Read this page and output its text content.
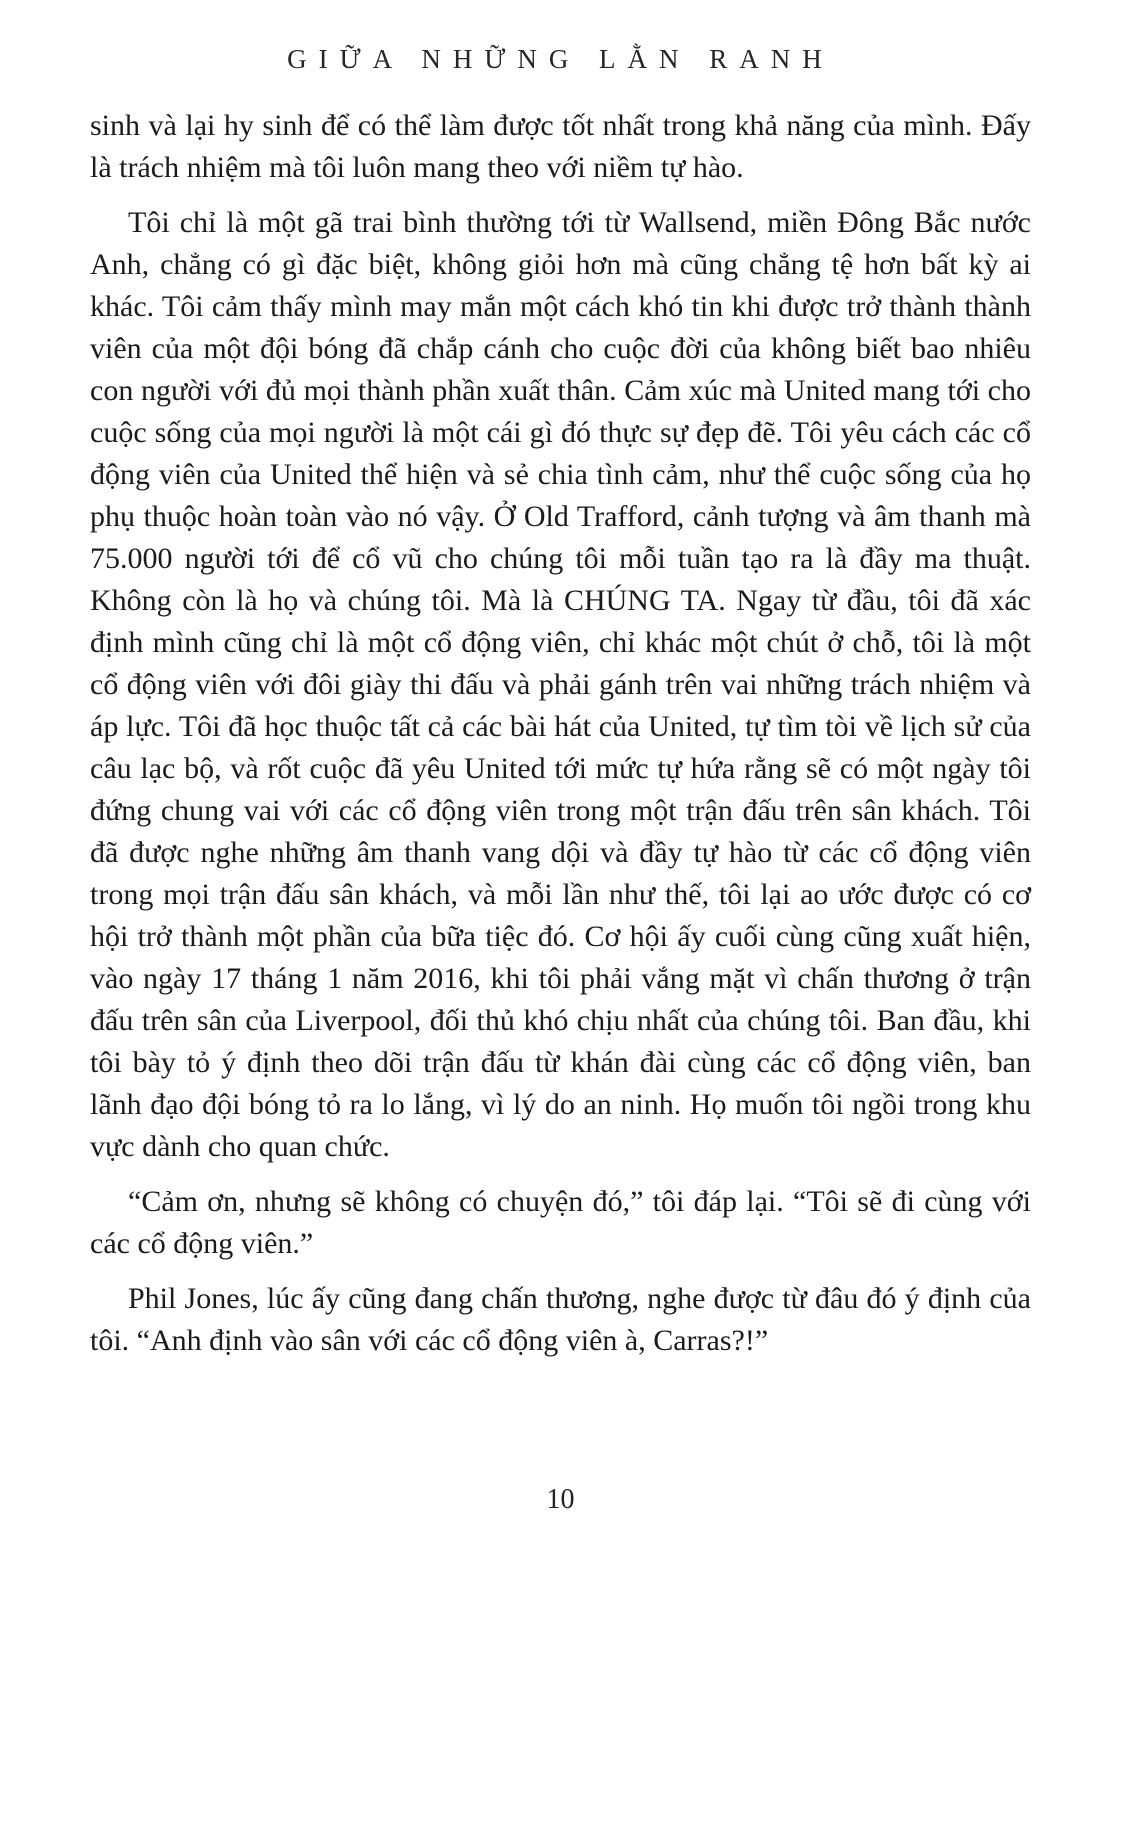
GIỮA NHỮNG LẰN RANH

sinh và lại hy sinh để có thể làm được tốt nhất trong khả năng của mình. Đấy là trách nhiệm mà tôi luôn mang theo với niềm tự hào.

Tôi chỉ là một gã trai bình thường tới từ Wallsend, miền Đông Bắc nước Anh, chẳng có gì đặc biệt, không giỏi hơn mà cũng chẳng tệ hơn bất kỳ ai khác. Tôi cảm thấy mình may mắn một cách khó tin khi được trở thành thành viên của một đội bóng đã chắp cánh cho cuộc đời của không biết bao nhiêu con người với đủ mọi thành phần xuất thân. Cảm xúc mà United mang tới cho cuộc sống của mọi người là một cái gì đó thực sự đẹp đẽ. Tôi yêu cách các cổ động viên của United thể hiện và sẻ chia tình cảm, như thể cuộc sống của họ phụ thuộc hoàn toàn vào nó vậy. Ở Old Trafford, cảnh tượng và âm thanh mà 75.000 người tới để cổ vũ cho chúng tôi mỗi tuần tạo ra là đầy ma thuật. Không còn là họ và chúng tôi. Mà là CHÚNG TA. Ngay từ đầu, tôi đã xác định mình cũng chỉ là một cổ động viên, chỉ khác một chút ở chỗ, tôi là một cổ động viên với đôi giày thi đấu và phải gánh trên vai những trách nhiệm và áp lực. Tôi đã học thuộc tất cả các bài hát của United, tự tìm tòi về lịch sử của câu lạc bộ, và rốt cuộc đã yêu United tới mức tự hứa rằng sẽ có một ngày tôi đứng chung vai với các cổ động viên trong một trận đấu trên sân khách. Tôi đã được nghe những âm thanh vang dội và đầy tự hào từ các cổ động viên trong mọi trận đấu sân khách, và mỗi lần như thế, tôi lại ao ước được có cơ hội trở thành một phần của bữa tiệc đó. Cơ hội ấy cuối cùng cũng xuất hiện, vào ngày 17 tháng 1 năm 2016, khi tôi phải vắng mặt vì chấn thương ở trận đấu trên sân của Liverpool, đối thủ khó chịu nhất của chúng tôi. Ban đầu, khi tôi bày tỏ ý định theo dõi trận đấu từ khán đài cùng các cổ động viên, ban lãnh đạo đội bóng tỏ ra lo lắng, vì lý do an ninh. Họ muốn tôi ngồi trong khu vực dành cho quan chức.

“Cảm ơn, nhưng sẽ không có chuyện đó,” tôi đáp lại. “Tôi sẽ đi cùng với các cổ động viên.”

Phil Jones, lúc ấy cũng đang chấn thương, nghe được từ đâu đó ý định của tôi. “Anh định vào sân với các cổ động viên à, Carras?!”

10
